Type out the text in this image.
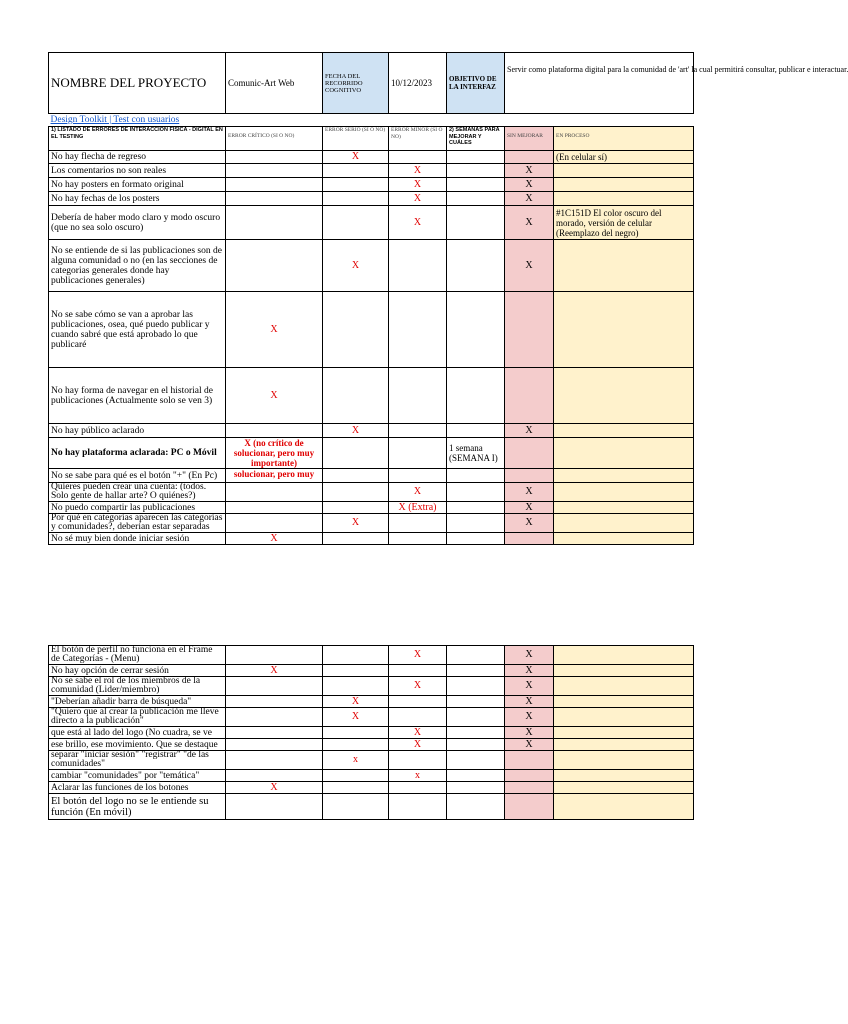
NOMBRE DEL PROYECTO	Comunic-Art Web	FECHA DEL RECORRIDO COGNITIVO	10/12/2023	OBJETIVO DE LA INTERFAZ	Servir como plataforma digital para la comunidad de 'art' la cual permitirá consultar, publicar e interactuar.	
Design Toolkit | Test con usuarios						
1) LISTADO DE ERRORES DE INTERACCIÓN FÍSICA - DIGITAL EN EL TESTING	ERROR CRÍTICO (SI O NO)	ERROR SERIO (SI O NO)	ERROR MINOR (SI O NO)	2) SEMANAS PARA MEJORAR Y CUÁLES	SIN MEJORAR	EN PROCESO
No hay flecha de regreso		X				(En celular sí)
Los comentarios no son reales			X		X	
No hay posters en formato original			X		X	
No hay fechas de los posters			X		X	
Debería de haber modo claro y modo oscuro (que no sea solo oscuro)			X		X	#1C151D El color oscuro del morado, versión de celular (Reemplazo del negro)
No se entiende de si las publicaciones son de alguna comunidad o no (en las secciones de categorias generales donde hay publicaciones generales)		X			X	
No se sabe cómo se van a aprobar las publicaciones, osea, qué puedo publicar y cuando sabré que está aprobado lo que publicaré	X					
No hay forma de navegar en el historial de publicaciones (Actualmente solo se ven 3)	X					
No hay público aclarado		X			X	
No hay plataforma aclarada: PC o Móvil	X (no crítico de solucionar, pero muy importante)			1 semana (SEMANA I)		
No se sabe para qué es el botón "+" (En Pc)	solucionar, pero muy					
Quieres pueden crear una cuenta: (todos. Solo gente de hallar arte? O quiénes?)			X		X	
No puedo compartir las publicaciones			X (Extra)		X	
Por qué en categorías aparecen las categorías y comunidades?, deberían estar separadas		X			X	
No sé muy bien donde iniciar sesión	X					
El botón de perfil no funciona en el Frame de Categorías - (Menu)			X		X	
No hay opción de cerrar sesión	X				X	
No se sabe el rol de los miembros de la comunidad (Lider/miembro)			X		X	
"Deberían añadir barra de búsqueda"		X			X	
"Quiero que al crear la publicación me lleve directo a la publicación"		X			X	
que está al lado del logo (No cuadra, se ve			X		X	
ese brillo, ese movimiento. Que se destaque			X		X	
separar "iniciar sesión" "registrar" "de las comunidades"		x				
cambiar "comunidades" por "temática"			x			
Aclarar las funciones de los botones	X					
El botón del logo no se le entiende su función (En móvil)						
